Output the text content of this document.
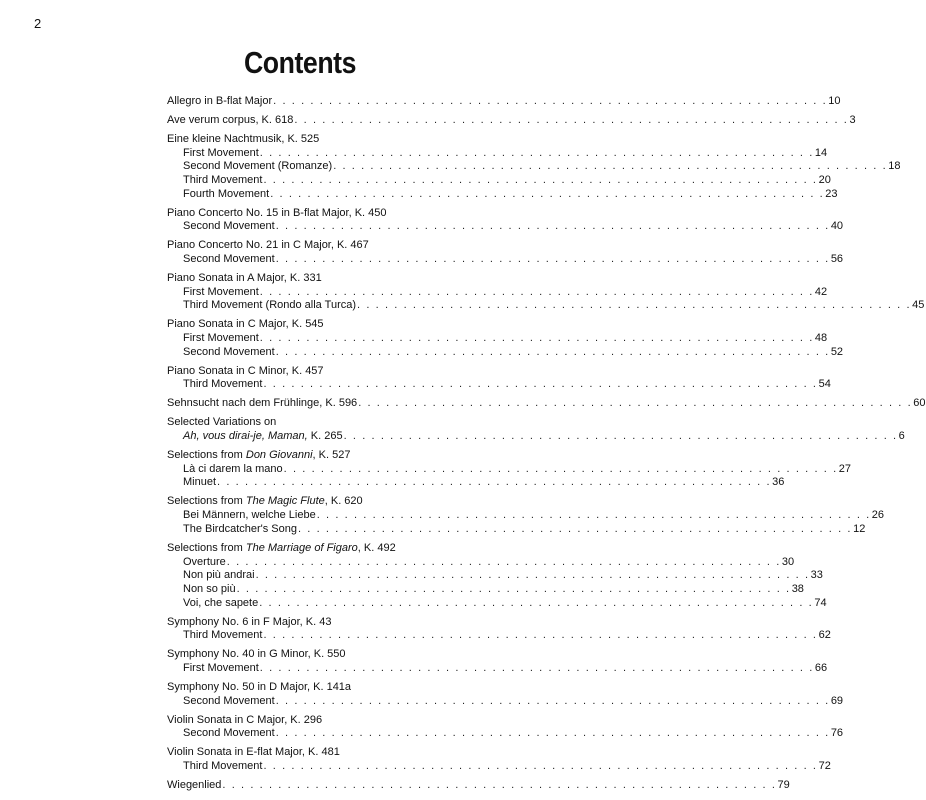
2
Contents
Allegro in B-flat Major . . . . . . . . . . . . . . . . . . . . . . . . . . . . . . . . . . . . . . . . . . . . . . . . . . . . . . . . . . . . 10
Ave verum corpus, K. 618 . . . . . . . . . . . . . . . . . . . . . . . . . . . . . . . . . . . . . . . . . . . . . . . . . . . . . . . . . . . . 3
Eine kleine Nachtmusik, K. 525
First Movement . . . . . . . . . . . . . . . . . . . . . . . . . . . . . . . . . . . . . . . . . . . . . . . . . . . . . . . . . . . . 14
Second Movement (Romanze) . . . . . . . . . . . . . . . . . . . . . . . . . . . . . . . . . . . . . . . . . . . . . . . . . . . . . . . . . . . . 18
Third Movement . . . . . . . . . . . . . . . . . . . . . . . . . . . . . . . . . . . . . . . . . . . . . . . . . . . . . . . . . . . . 20
Fourth Movement . . . . . . . . . . . . . . . . . . . . . . . . . . . . . . . . . . . . . . . . . . . . . . . . . . . . . . . . . . . . 23
Piano Concerto No. 15 in B-flat Major, K. 450
Second Movement . . . . . . . . . . . . . . . . . . . . . . . . . . . . . . . . . . . . . . . . . . . . . . . . . . . . . . . . . . . . 40
Piano Concerto No. 21 in C Major, K. 467
Second Movement . . . . . . . . . . . . . . . . . . . . . . . . . . . . . . . . . . . . . . . . . . . . . . . . . . . . . . . . . . . . 56
Piano Sonata in A Major, K. 331
First Movement . . . . . . . . . . . . . . . . . . . . . . . . . . . . . . . . . . . . . . . . . . . . . . . . . . . . . . . . . . . . 42
Third Movement (Rondo alla Turca) . . . . . . . . . . . . . . . . . . . . . . . . . . . . . . . . . . . . . . . . . . . . . . . . . . . . . . . . . . . . 45
Piano Sonata in C Major, K. 545
First Movement . . . . . . . . . . . . . . . . . . . . . . . . . . . . . . . . . . . . . . . . . . . . . . . . . . . . . . . . . . . . 48
Second Movement . . . . . . . . . . . . . . . . . . . . . . . . . . . . . . . . . . . . . . . . . . . . . . . . . . . . . . . . . . . . 52
Piano Sonata in C Minor, K. 457
Third Movement . . . . . . . . . . . . . . . . . . . . . . . . . . . . . . . . . . . . . . . . . . . . . . . . . . . . . . . . . . . . 54
Sehnsucht nach dem Frühlinge, K. 596 . . . . . . . . . . . . . . . . . . . . . . . . . . . . . . . . . . . . . . . . . . . . . . . . . . . . . . . . . . . . 60
Selected Variations on
Ah, vous dirai-je, Maman, K. 265 . . . . . . . . . . . . . . . . . . . . . . . . . . . . . . . . . . . . . . . . . . . . . . . . . . . . . . . . . . . . 6
Selections from Don Giovanni, K. 527
Là ci darem la mano . . . . . . . . . . . . . . . . . . . . . . . . . . . . . . . . . . . . . . . . . . . . . . . . . . . . . . . . . . . . 27
Minuet . . . . . . . . . . . . . . . . . . . . . . . . . . . . . . . . . . . . . . . . . . . . . . . . . . . . . . . . . . . . 36
Selections from The Magic Flute, K. 620
Bei Männern, welche Liebe . . . . . . . . . . . . . . . . . . . . . . . . . . . . . . . . . . . . . . . . . . . . . . . . . . . . . . . . . . . . 26
The Birdcatcher's Song . . . . . . . . . . . . . . . . . . . . . . . . . . . . . . . . . . . . . . . . . . . . . . . . . . . . . . . . . . . . 12
Selections from The Marriage of Figaro, K. 492
Overture . . . . . . . . . . . . . . . . . . . . . . . . . . . . . . . . . . . . . . . . . . . . . . . . . . . . . . . . . . . . 30
Non più andrai . . . . . . . . . . . . . . . . . . . . . . . . . . . . . . . . . . . . . . . . . . . . . . . . . . . . . . . . . . . . 33
Non so più . . . . . . . . . . . . . . . . . . . . . . . . . . . . . . . . . . . . . . . . . . . . . . . . . . . . . . . . . . . . 38
Voi, che sapete . . . . . . . . . . . . . . . . . . . . . . . . . . . . . . . . . . . . . . . . . . . . . . . . . . . . . . . . . . . . 74
Symphony No. 6 in F Major, K. 43
Third Movement . . . . . . . . . . . . . . . . . . . . . . . . . . . . . . . . . . . . . . . . . . . . . . . . . . . . . . . . . . . . 62
Symphony No. 40 in G Minor, K. 550
First Movement . . . . . . . . . . . . . . . . . . . . . . . . . . . . . . . . . . . . . . . . . . . . . . . . . . . . . . . . . . . . 66
Symphony No. 50 in D Major, K. 141a
Second Movement . . . . . . . . . . . . . . . . . . . . . . . . . . . . . . . . . . . . . . . . . . . . . . . . . . . . . . . . . . . . 69
Violin Sonata in C Major, K. 296
Second Movement . . . . . . . . . . . . . . . . . . . . . . . . . . . . . . . . . . . . . . . . . . . . . . . . . . . . . . . . . . . . 76
Violin Sonata in E-flat Major, K. 481
Third Movement . . . . . . . . . . . . . . . . . . . . . . . . . . . . . . . . . . . . . . . . . . . . . . . . . . . . . . . . . . . . 72
Wiegenlied . . . . . . . . . . . . . . . . . . . . . . . . . . . . . . . . . . . . . . . . . . . . . . . . . . . . . . . . . . . . 79
